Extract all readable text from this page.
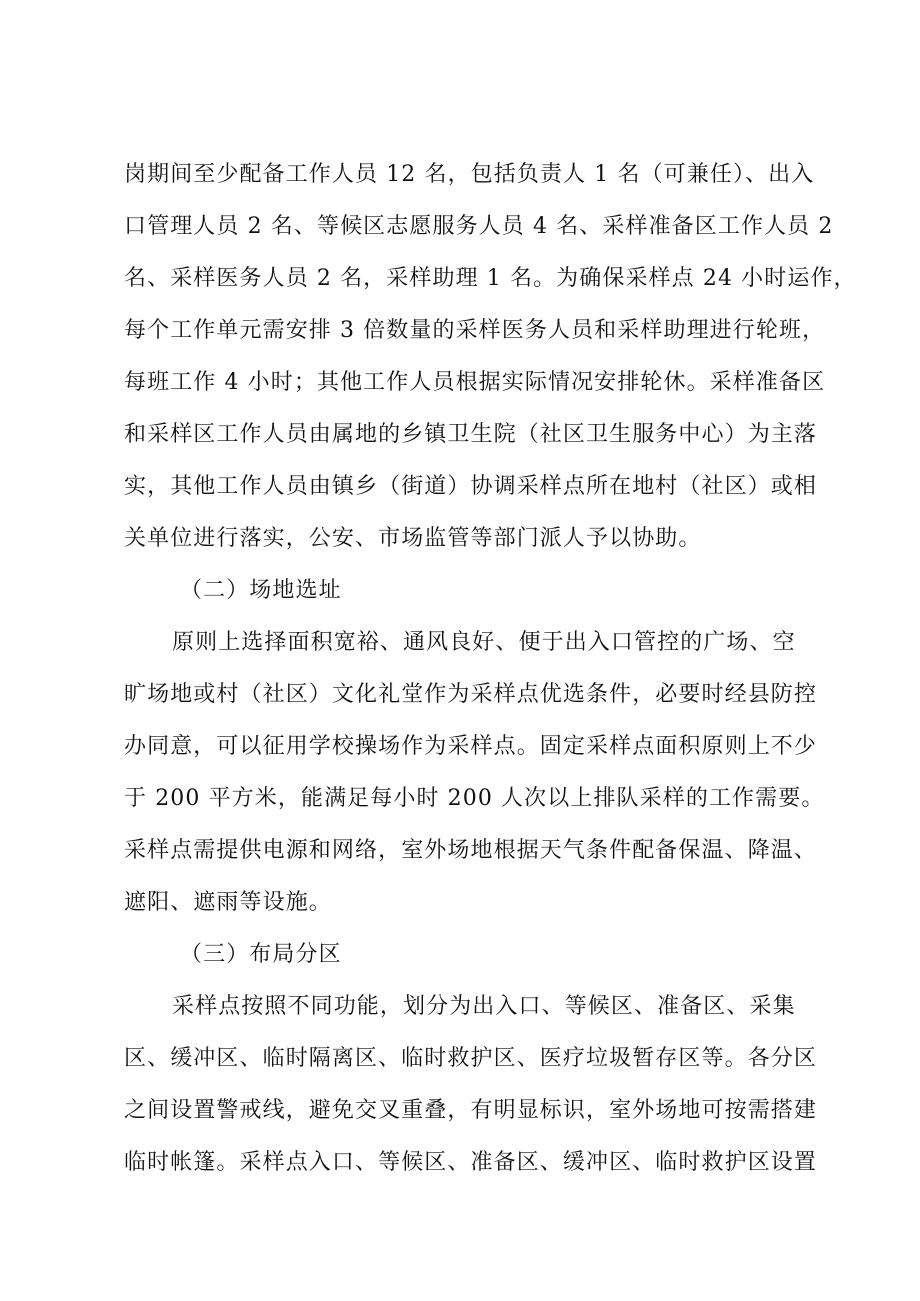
岗期间至少配备工作人员 12 名，包括负责人 1 名（可兼任）、出入
口管理人员 2 名、等候区志愿服务人员 4 名、采样准备区工作人员 2
名、采样医务人员 2 名，采样助理 1 名。为确保采样点 24 小时运作，
每个工作单元需安排 3 倍数量的采样医务人员和采样助理进行轮班，
每班工作 4 小时；其他工作人员根据实际情况安排轮休。采样准备区
和采样区工作人员由属地的乡镇卫生院（社区卫生服务中心）为主落
实，其他工作人员由镇乡（街道）协调采样点所在地村（社区）或相
关单位进行落实，公安、市场监管等部门派人予以协助。
（二）场地选址
原则上选择面积宽裕、通风良好、便于出入口管控的广场、空
旷场地或村（社区）文化礼堂作为采样点优选条件，必要时经县防控
办同意，可以征用学校操场作为采样点。固定采样点面积原则上不少
于 200 平方米，能满足每小时 200 人次以上排队采样的工作需要。
采样点需提供电源和网络，室外场地根据天气条件配备保温、降温、
遮阳、遮雨等设施。
（三）布局分区
采样点按照不同功能，划分为出入口、等候区、准备区、采集
区、缓冲区、临时隔离区、临时救护区、医疗垃圾暂存区等。各分区
之间设置警戒线，避免交叉重叠，有明显标识，室外场地可按需搭建
临时帐篷。采样点入口、等候区、准备区、缓冲区、临时救护区设置
